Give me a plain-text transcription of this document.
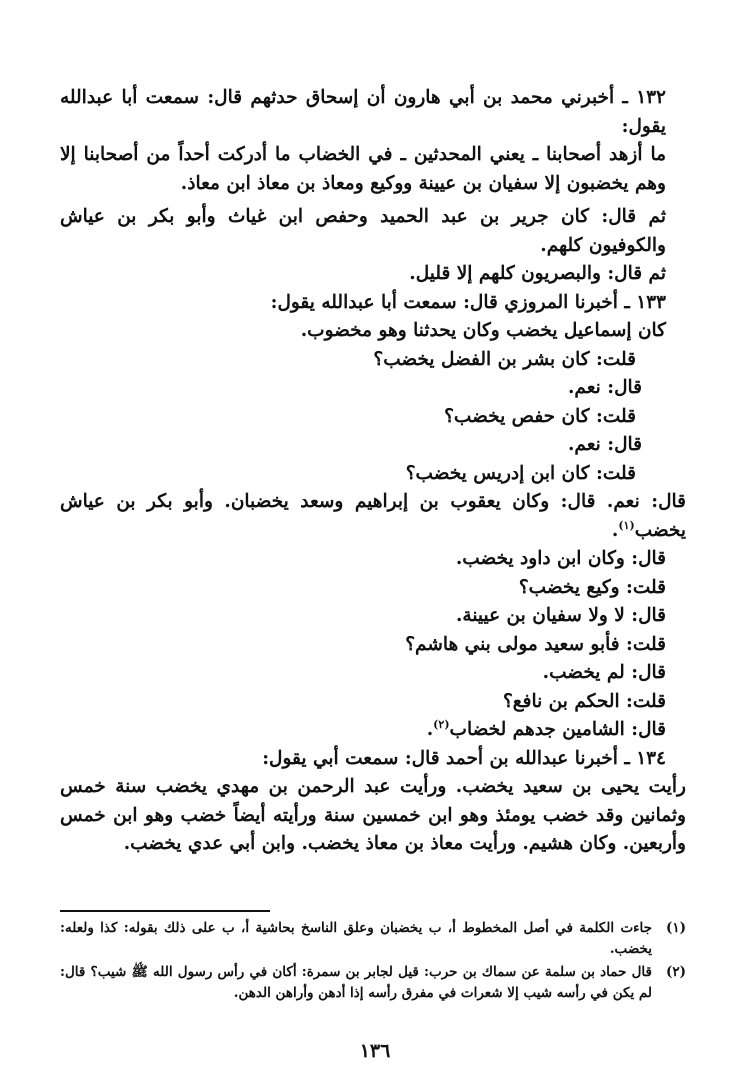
١٣٢ ـ أخبرني محمد بن أبي هارون أن إسحاق حدثهم قال: سمعت أبا عبدالله يقول:

ما أزهد أصحابنا ـ يعني المحدثين ـ في الخضاب ما أدركت أحداً من أصحابنا إلا وهم يخضبون إلا سفيان بن عيينة ووكيع ومعاذ بن معاذ ابن معاذ.

ثم قال: كان جرير بن عبد الحميد وحفص ابن غياث وأبو بكر بن عياش والكوفيون كلهم.

ثم قال: والبصريون كلهم إلا قليل.

١٣٣ ـ أخبرنا المروزي قال: سمعت أبا عبدالله يقول:

كان إسماعيل يخضب وكان يحدثنا وهو مخضوب.

قلت: كان بشر بن الفضل يخضب؟

قال: نعم.

قلت: كان حفص يخضب؟

قال: نعم.

قلت: كان ابن إدريس يخضب؟

قال: نعم. قال: وكان يعقوب بن إبراهيم وسعد يخضبان. وأبو بكر بن عياش يخضب$^{(١)}$.

قال: وكان ابن داود يخضب.

قلت: وكيع يخضب؟

قال: لا ولا سفيان بن عيينة.

قلت: فأبو سعيد مولى بني هاشم؟

قال: لم يخضب.

قلت: الحكم بن نافع؟

قال: الشامين جدهم لخضاب$^{(٢)}$.

١٣٤ ـ أخبرنا عبدالله بن أحمد قال: سمعت أبي يقول:

رأيت يحيى بن سعيد يخضب. ورأيت عبد الرحمن بن مهدي يخضب سنة خمس وثمانين وقد خضب يومئذ وهو ابن خمسين سنة ورأيته أيضاً خضب وهو ابن خمس وأربعين. وكان هشيم. ورأيت معاذ بن معاذ يخضب. وابن أبي عدي يخضب.

(١)
جاءت الكلمة في أصل المخطوط أ، ب يخضبان وعلق الناسخ بحاشية أ، ب على ذلك بقوله: كذا ولعله: يخضب.
(٢)
قال حماد بن سلمة عن سماك بن حرب: قيل لجابر بن سمرة: أكان في رأس رسول الله ﷺ شيب؟ قال: لم يكن في رأسه شيب إلا شعرات في مفرق رأسه إذا أدهن وأراهن الدهن.
١٣٦
